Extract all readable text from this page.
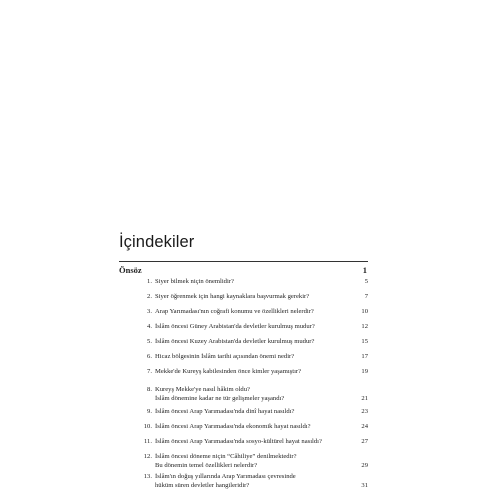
İçindekiler
Önsöz	1
1. Siyer bilmek niçin önemlidir?	5
2. Siyer öğrenmek için hangi kaynaklara başvurmak gerekir?	7
3. Arap Yarımadası'nın coğrafi konumu ve özellikleri nelerdir?	10
4. İslâm öncesi Güney Arabistan'da devletler kurulmuş mudur?	12
5. İslâm öncesi Kuzey Arabistan'da devletler kurulmuş mudur?	15
6. Hicaz bölgesinin İslâm tarihi açısından önemi nedir?	17
7. Mekke'de Kureyş kabilesinden önce kimler yaşamıştır?	19
8. Kureyş Mekke'ye nasıl hâkim oldu?
İslâm dönemine kadar ne tür gelişmeler yaşandı?	21
9. İslâm öncesi Arap Yarımadası'nda dinî hayat nasıldı?	23
10. İslâm öncesi Arap Yarımadası'nda ekonomik hayat nasıldı?	24
11. İslâm öncesi Arap Yarımadası'nda sosyo-kültürel hayat nasıldı?	27
12. İslâm öncesi döneme niçin “Câhiliye” denilmektedir?
Bu dönemin temel özellikleri nelerdir?	29
13. İslâm'ın doğuş yıllarında Arap Yarımadası çevresinde
hüküm süren devletler hangileridir?	31
